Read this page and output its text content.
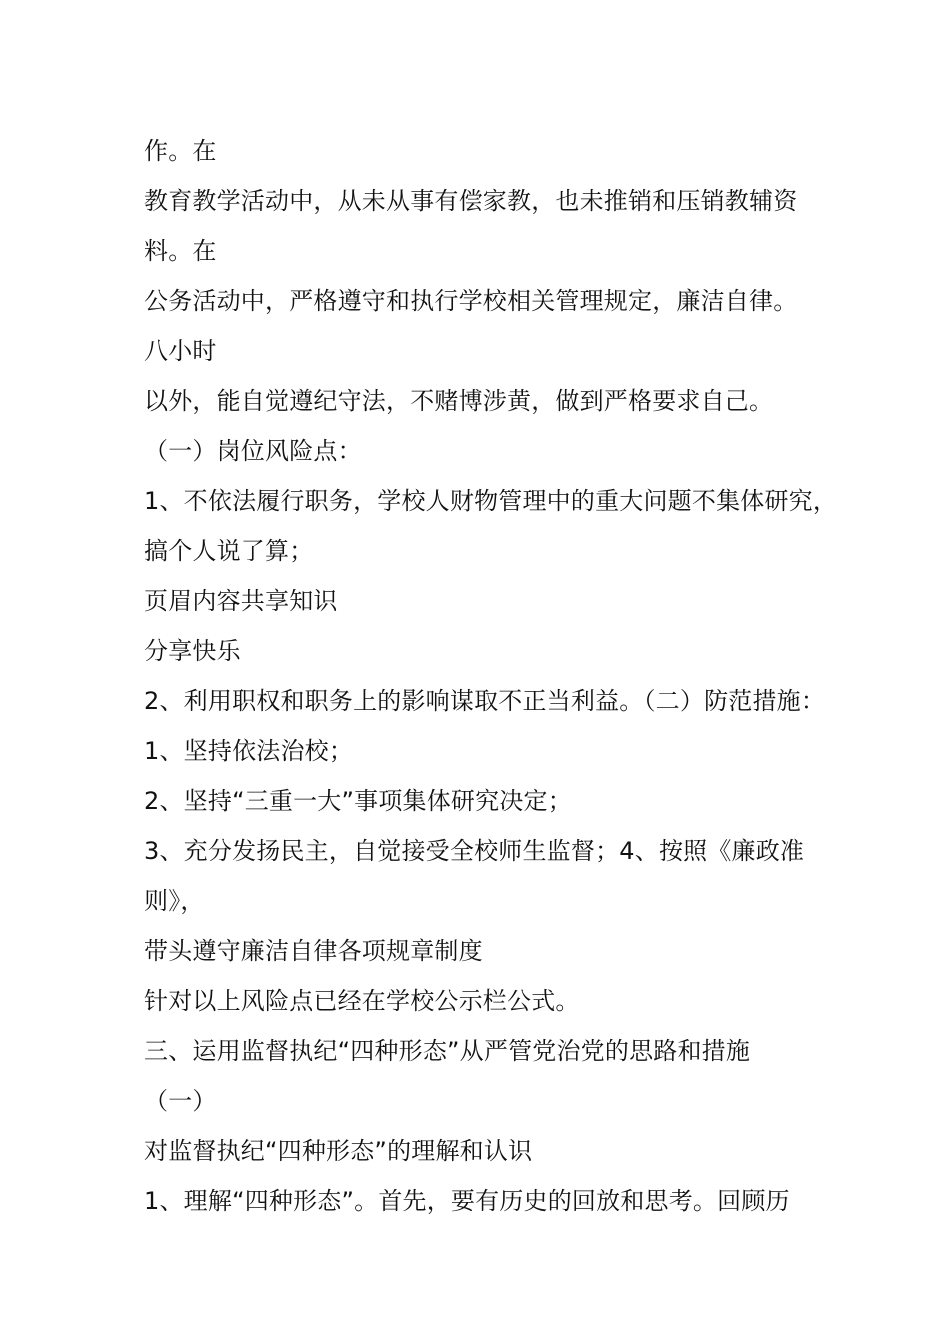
作。在
教育教学活动中，从未从事有偿家教，也未推销和压销教辅资
料。在
公务活动中，严格遵守和执行学校相关管理规定，廉洁自律。
八小时
以外，能自觉遵纪守法，不赌博涉黄，做到严格要求自己。
（一）岗位风险点：
1、不依法履行职务，学校人财物管理中的重大问题不集体研究，
搞个人说了算；
页眉内容共享知识
分享快乐
2、利用职权和职务上的影响谋取不正当利益。（二）防范措施：
1、坚持依法治校；
2、坚持“三重一大”事项集体研究决定；
3、充分发扬民主，自觉接受全校师生监督；4、按照《廉政准
则》，
带头遵守廉洁自律各项规章制度
针对以上风险点已经在学校公示栏公式。
三、运用监督执纪“四种形态”从严管党治党的思路和措施
（一）
对监督执纪“四种形态”的理解和认识
1、理解“四种形态”。首先，要有历史的回放和思考。回顾历
